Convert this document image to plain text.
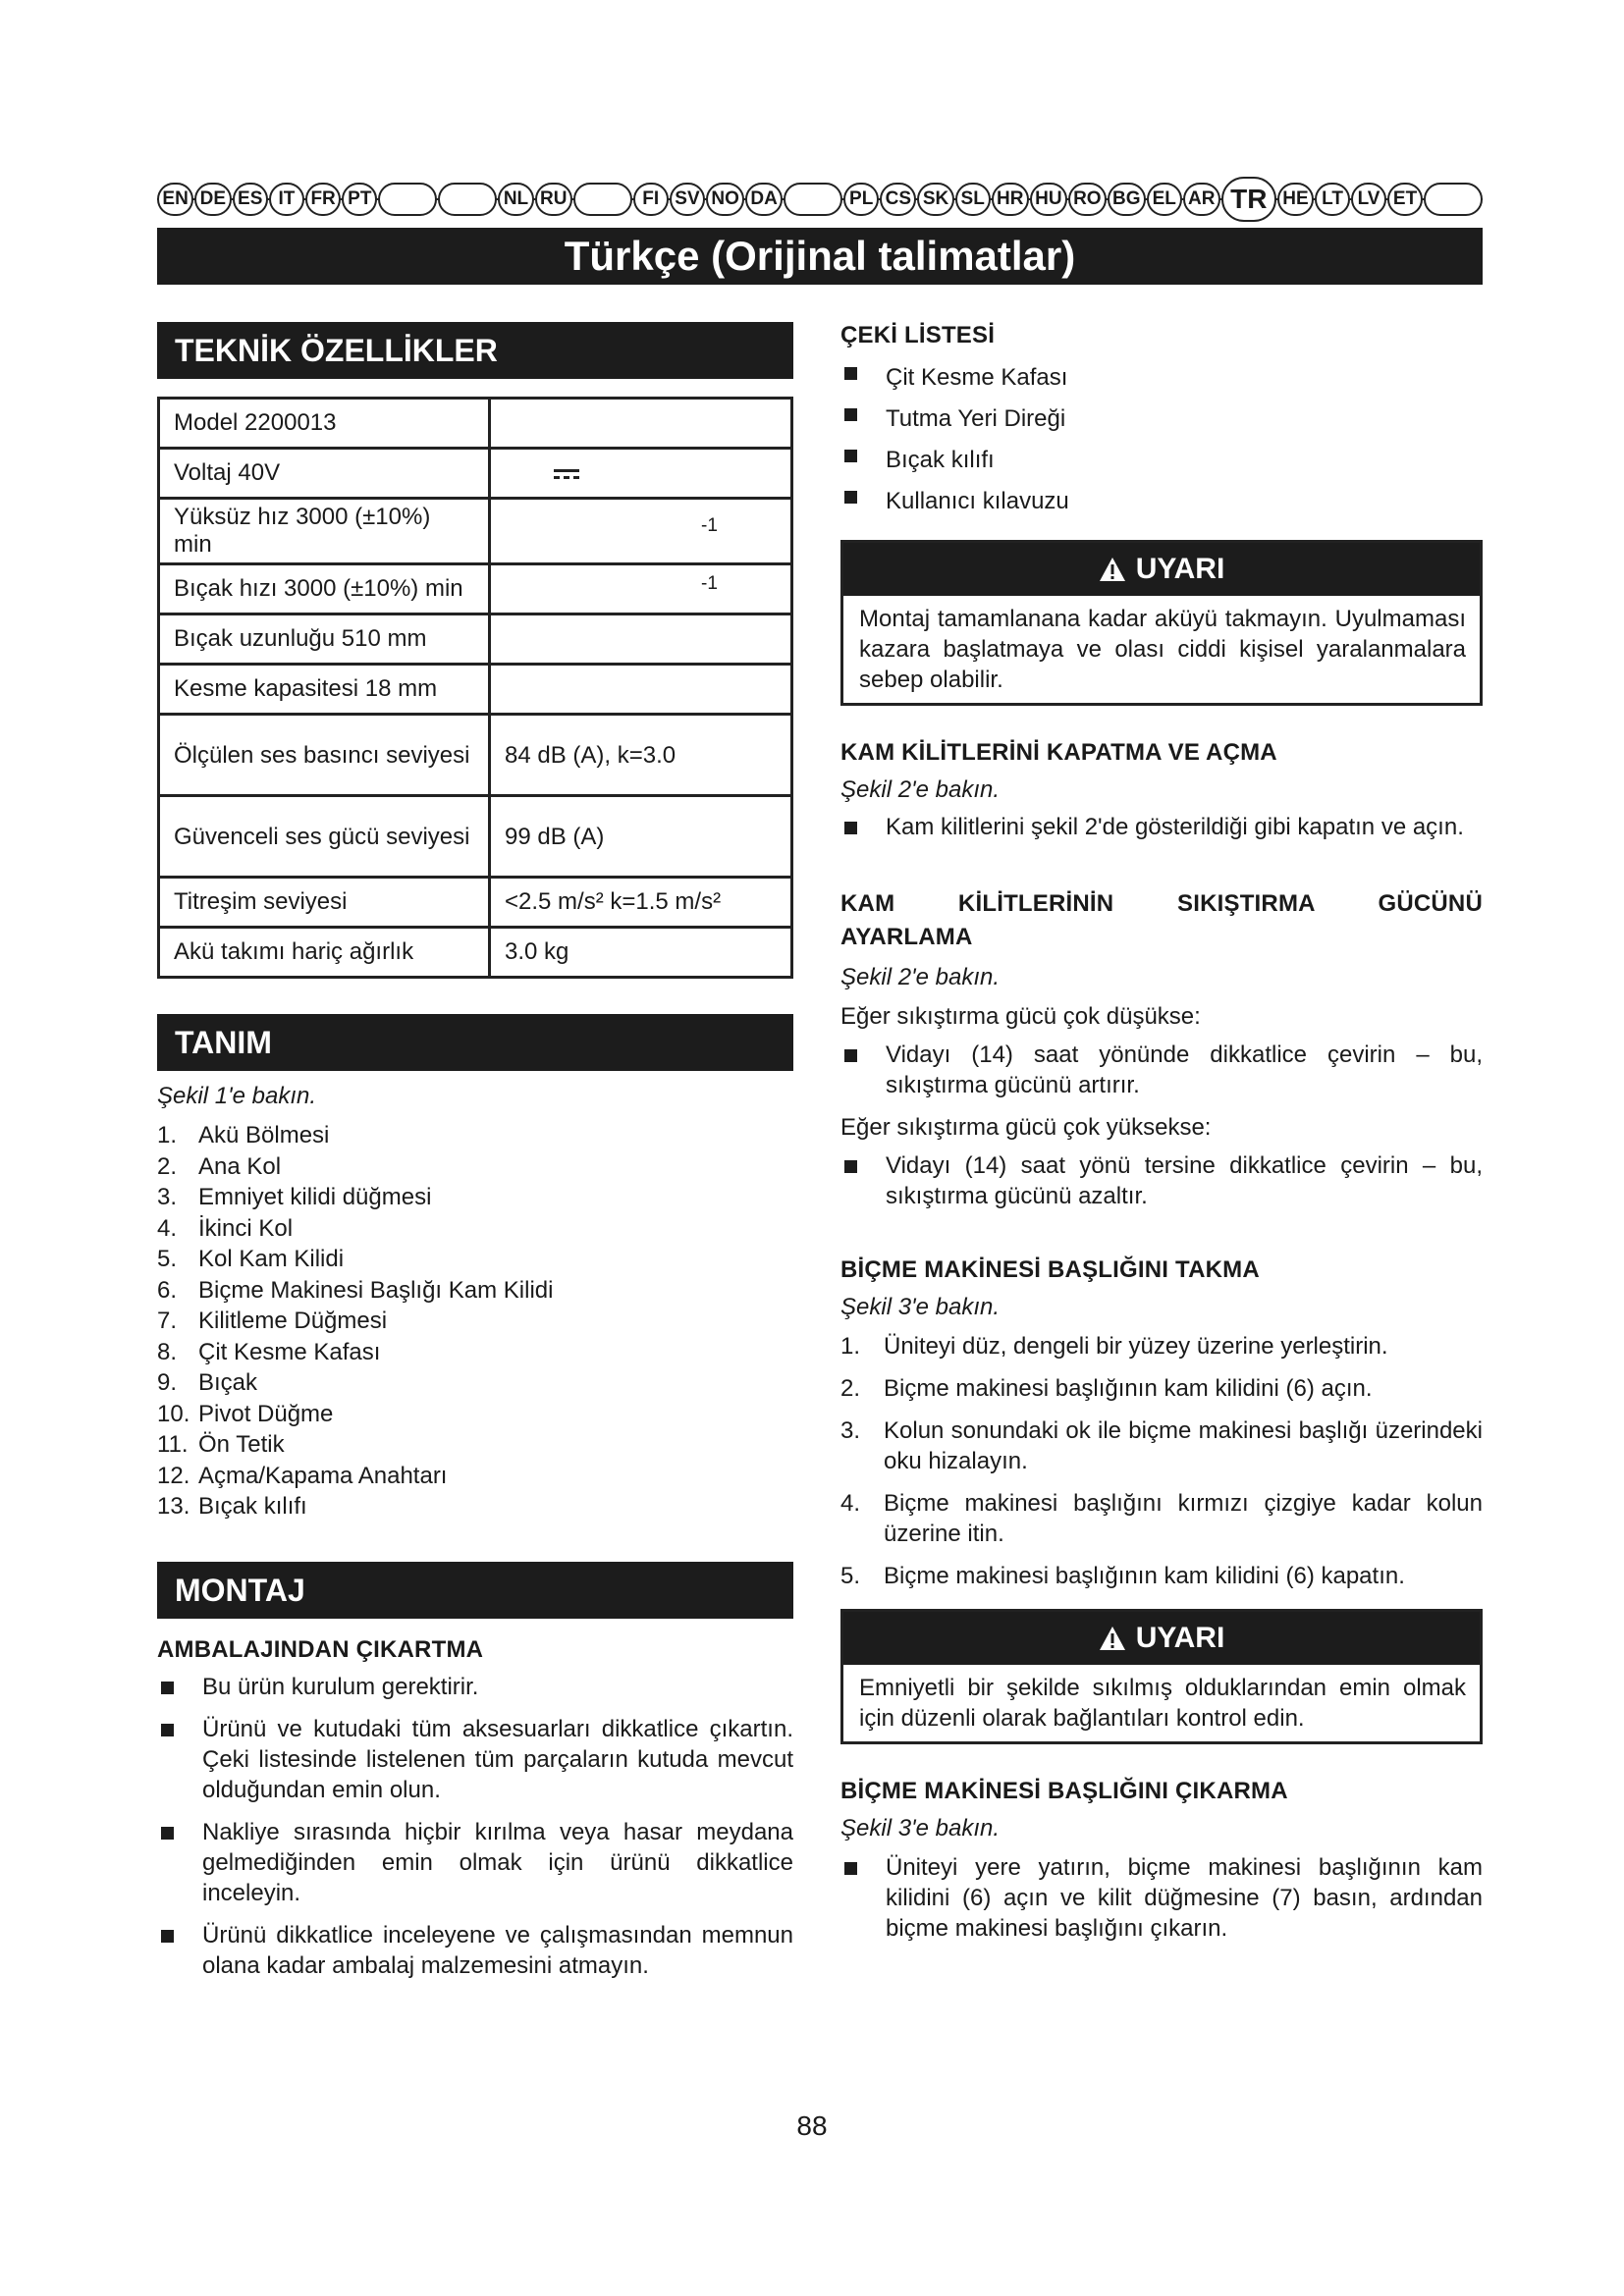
EN DE ES IT FR PT	NL RU	FI SV NO DA	PL CS SK SL HR HU RO BG EL AR TR HE LT LV ET
Türkçe (Orijinal talimatlar)
TEKNİK ÖZELLİKLER
Model 2200013	
Voltaj 40V	

Yüksüz hız 3000 (±10%) min	$^{-1}$
Bıçak hızı 3000 (±10%) min	$^{-1}$
Bıçak uzunluğu 510 mm	
Kesme kapasitesi 18 mm	
Ölçülen ses basıncı seviyesi	84 dB (A), k=3.0
Güvenceli ses gücü seviyesi	99 dB (A)
Titreşim seviyesi	<2.5 m/s² k=1.5 m/s²
Akü takımı hariç ağırlık	3.0 kg
TANIM

Şekil 1'e bakın.

1. Akü Bölmesi
2. Ana Kol
3. Emniyet kilidi düğmesi
4. İkinci Kol
5. Kol Kam Kilidi
6. Biçme Makinesi Başlığı Kam Kilidi
7. Kilitleme Düğmesi
8. Çit Kesme Kafası
9. Bıçak
10. Pivot Düğme
11. Ön Tetik
12. Açma/Kapama Anahtarı
13. Bıçak kılıfı
MONTAJ
AMBALAJINDAN ÇIKARTMA
Bu ürün kurulum gerektirir.
Ürünü ve kutudaki tüm aksesuarları dikkatlice çıkartın. Çeki listesinde listelenen tüm parçaların kutuda mevcut olduğundan emin olun.
Nakliye sırasında hiçbir kırılma veya hasar meydana gelmediğinden emin olmak için ürünü dikkatlice inceleyin.
Ürünü dikkatlice inceleyene ve çalışmasından memnun olana kadar ambalaj malzemesini atmayın.
ÇEKİ LİSTESİ
Çit Kesme Kafası
Tutma Yeri Direği
Bıçak kılıfı
Kullanıcı kılavuzu
UYARI
Montaj tamamlanana kadar aküyü takmayın. Uyulmaması kazara başlatmaya ve olası ciddi kişisel yaralanmalara sebep olabilir.
KAM KİLİTLERİNİ KAPATMA VE AÇMA

Şekil 2'e bakın.

Kam kilitlerini şekil 2'de gösterildiği gibi kapatın ve açın.
KAM KİLİTLERİNİN SIKIŞTIRMA GÜCÜNÜ AYARLAMA

Şekil 2'e bakın.

Eğer sıkıştırma gücü çok düşükse:
Vidayı (14) saat yönünde dikkatlice çevirin – bu, sıkıştırma gücünü artırır.
Eğer sıkıştırma gücü çok yüksekse:
Vidayı (14) saat yönü tersine dikkatlice çevirin – bu, sıkıştırma gücünü azaltır.
BİÇME MAKİNESİ BAŞLIĞINI TAKMA

Şekil 3'e bakın.

1. Üniteyi düz, dengeli bir yüzey üzerine yerleştirin.
2. Biçme makinesi başlığının kam kilidini (6) açın.
3. Kolun sonundaki ok ile biçme makinesi başlığı üzerindeki oku hizalayın.
4. Biçme makinesi başlığını kırmızı çizgiye kadar kolun üzerine itin.
5. Biçme makinesi başlığının kam kilidini (6) kapatın.
UYARI
Emniyetli bir şekilde sıkılmış olduklarından emin olmak için düzenli olarak bağlantıları kontrol edin.
BİÇME MAKİNESİ BAŞLIĞINI ÇIKARMA

Şekil 3'e bakın.

Üniteyi yere yatırın, biçme makinesi başlığının kam kilidini (6) açın ve kilit düğmesine (7) basın, ardından biçme makinesi başlığını çıkarın.
88
